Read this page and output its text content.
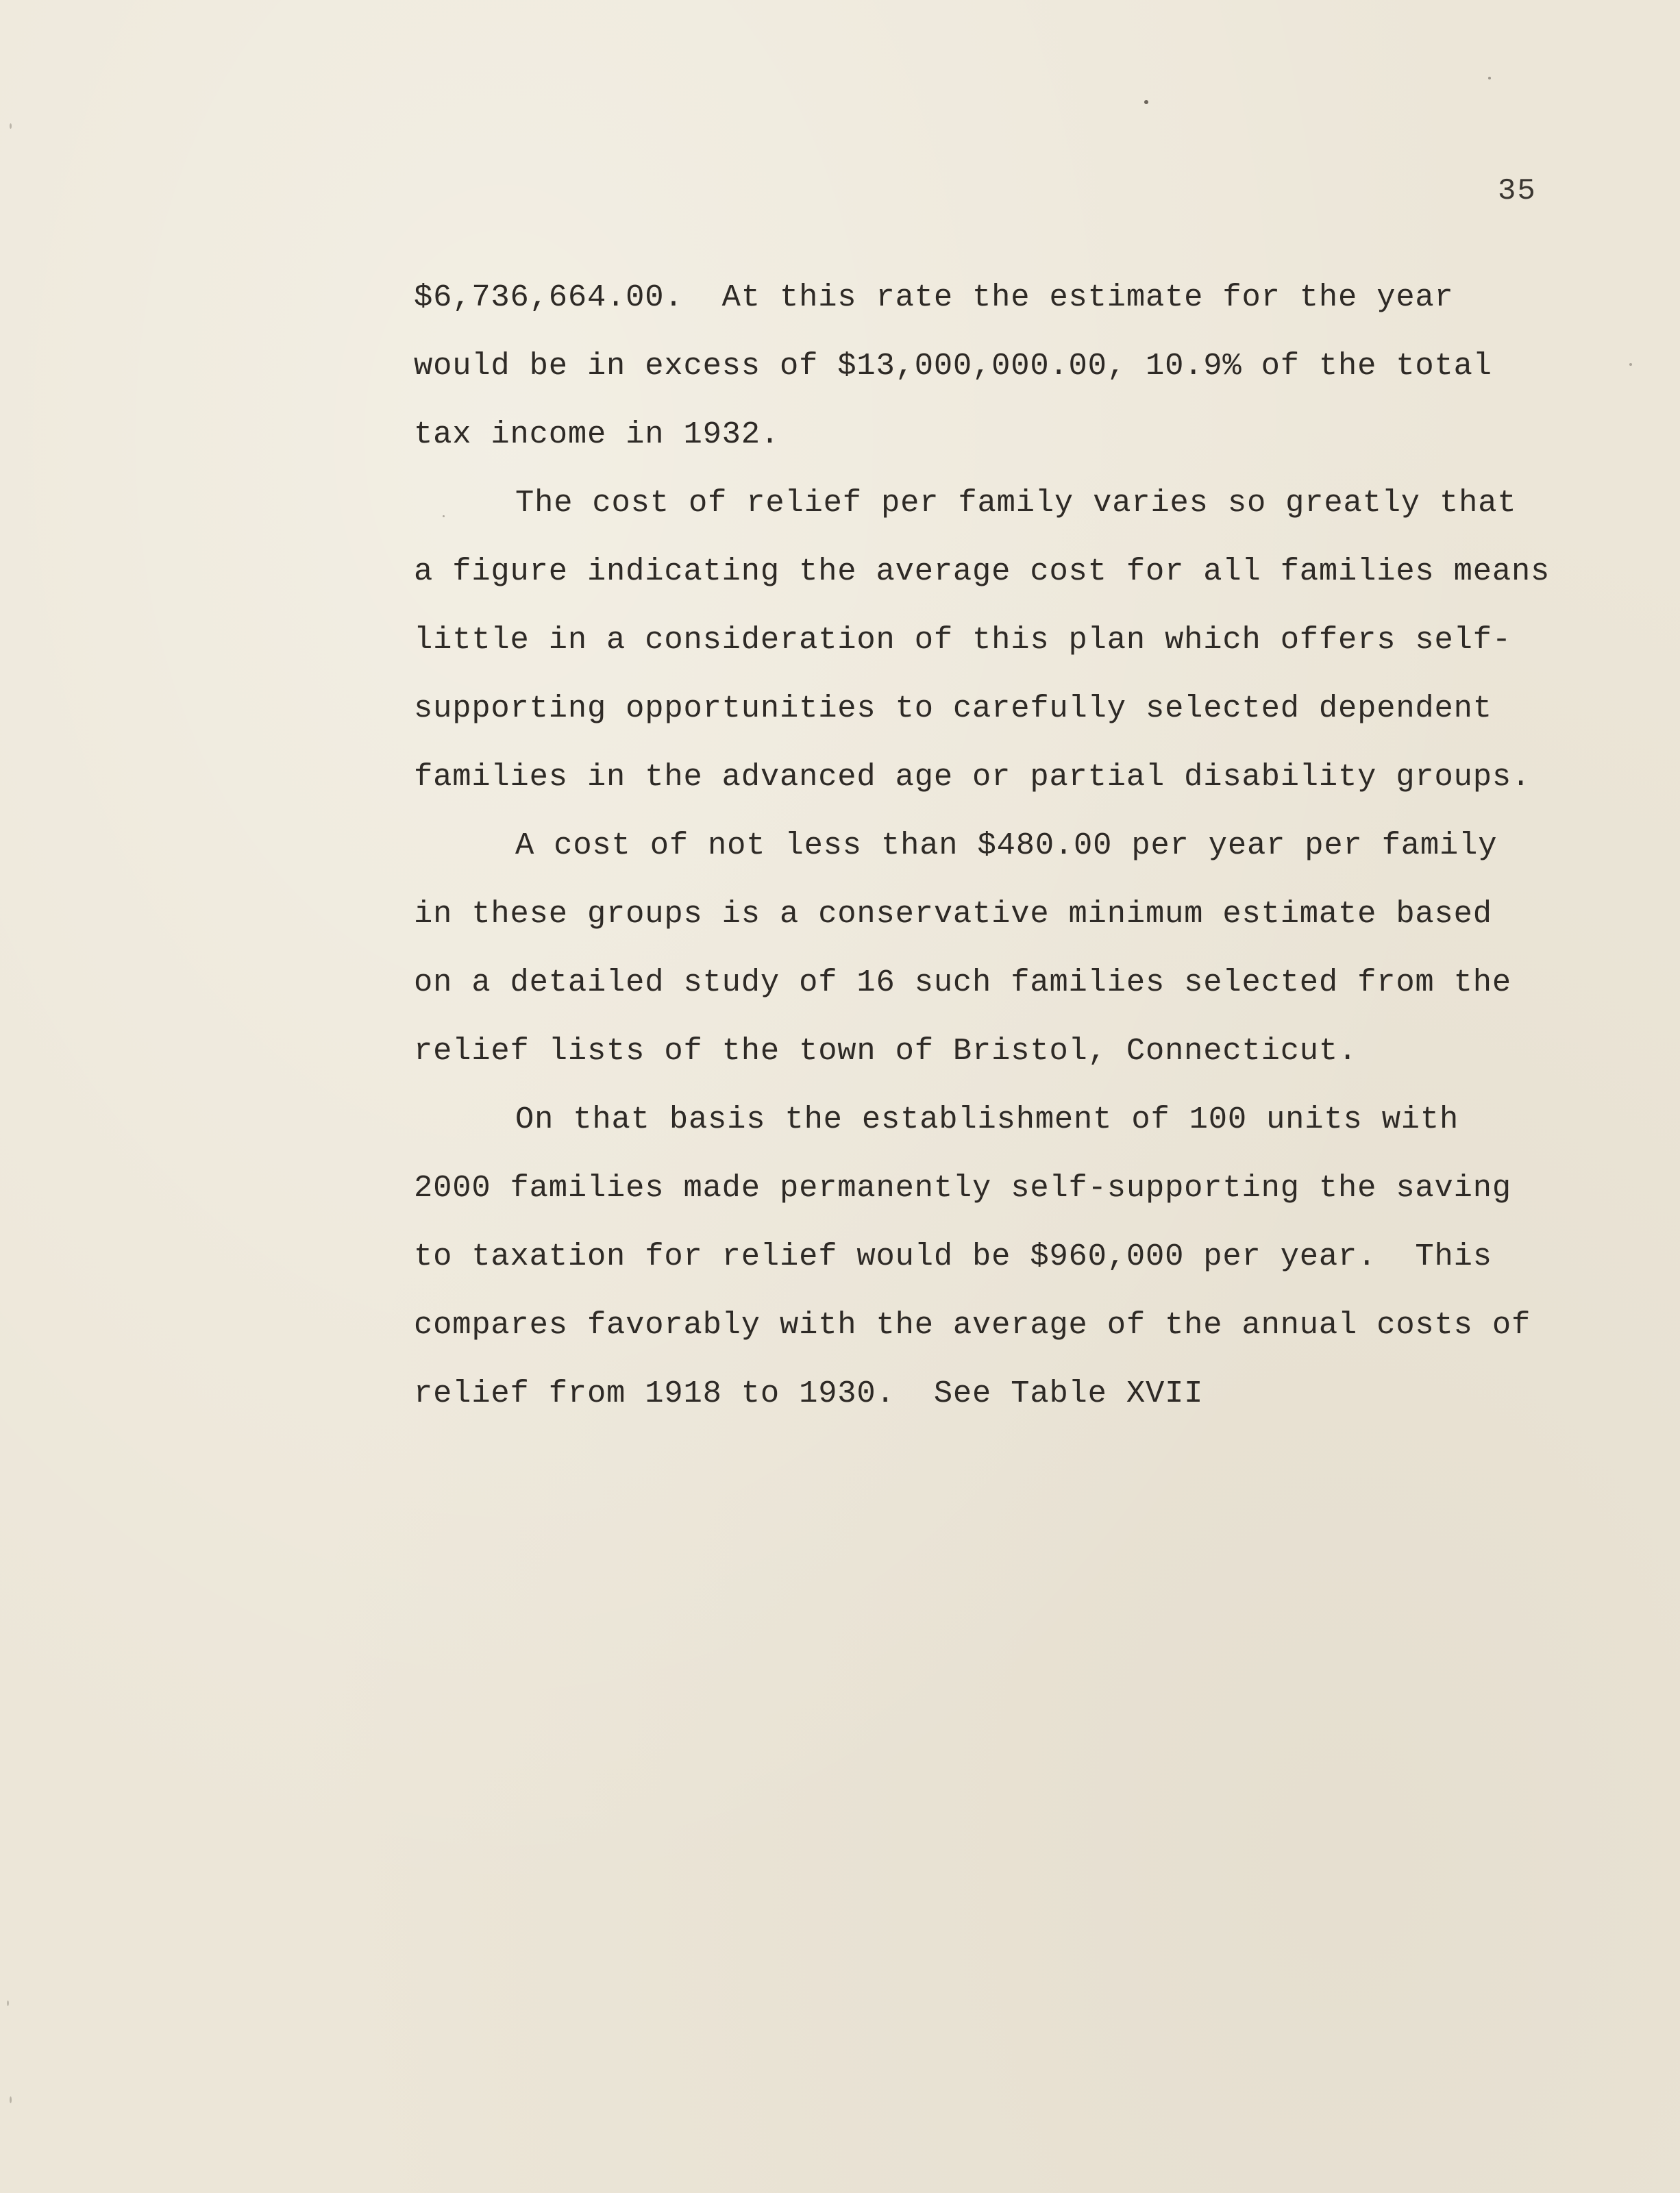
35
$6,736,664.00.  At this rate the estimate for the year
would be in excess of $13,000,000.00, 10.9% of the total
tax income in 1932.
The cost of relief per family varies so greatly that
a figure indicating the average cost for all families means
little in a consideration of this plan which offers self-
supporting opportunities to carefully selected dependent
families in the advanced age or partial disability groups.
A cost of not less than $480.00 per year per family
in these groups is a conservative minimum estimate based
on a detailed study of 16 such families selected from the
relief lists of the town of Bristol, Connecticut.
On that basis the establishment of 100 units with
2000 families made permanently self-supporting the saving
to taxation for relief would be $960,000 per year.  This
compares favorably with the average of the annual costs of
relief from 1918 to 1930.  See Table XVII
